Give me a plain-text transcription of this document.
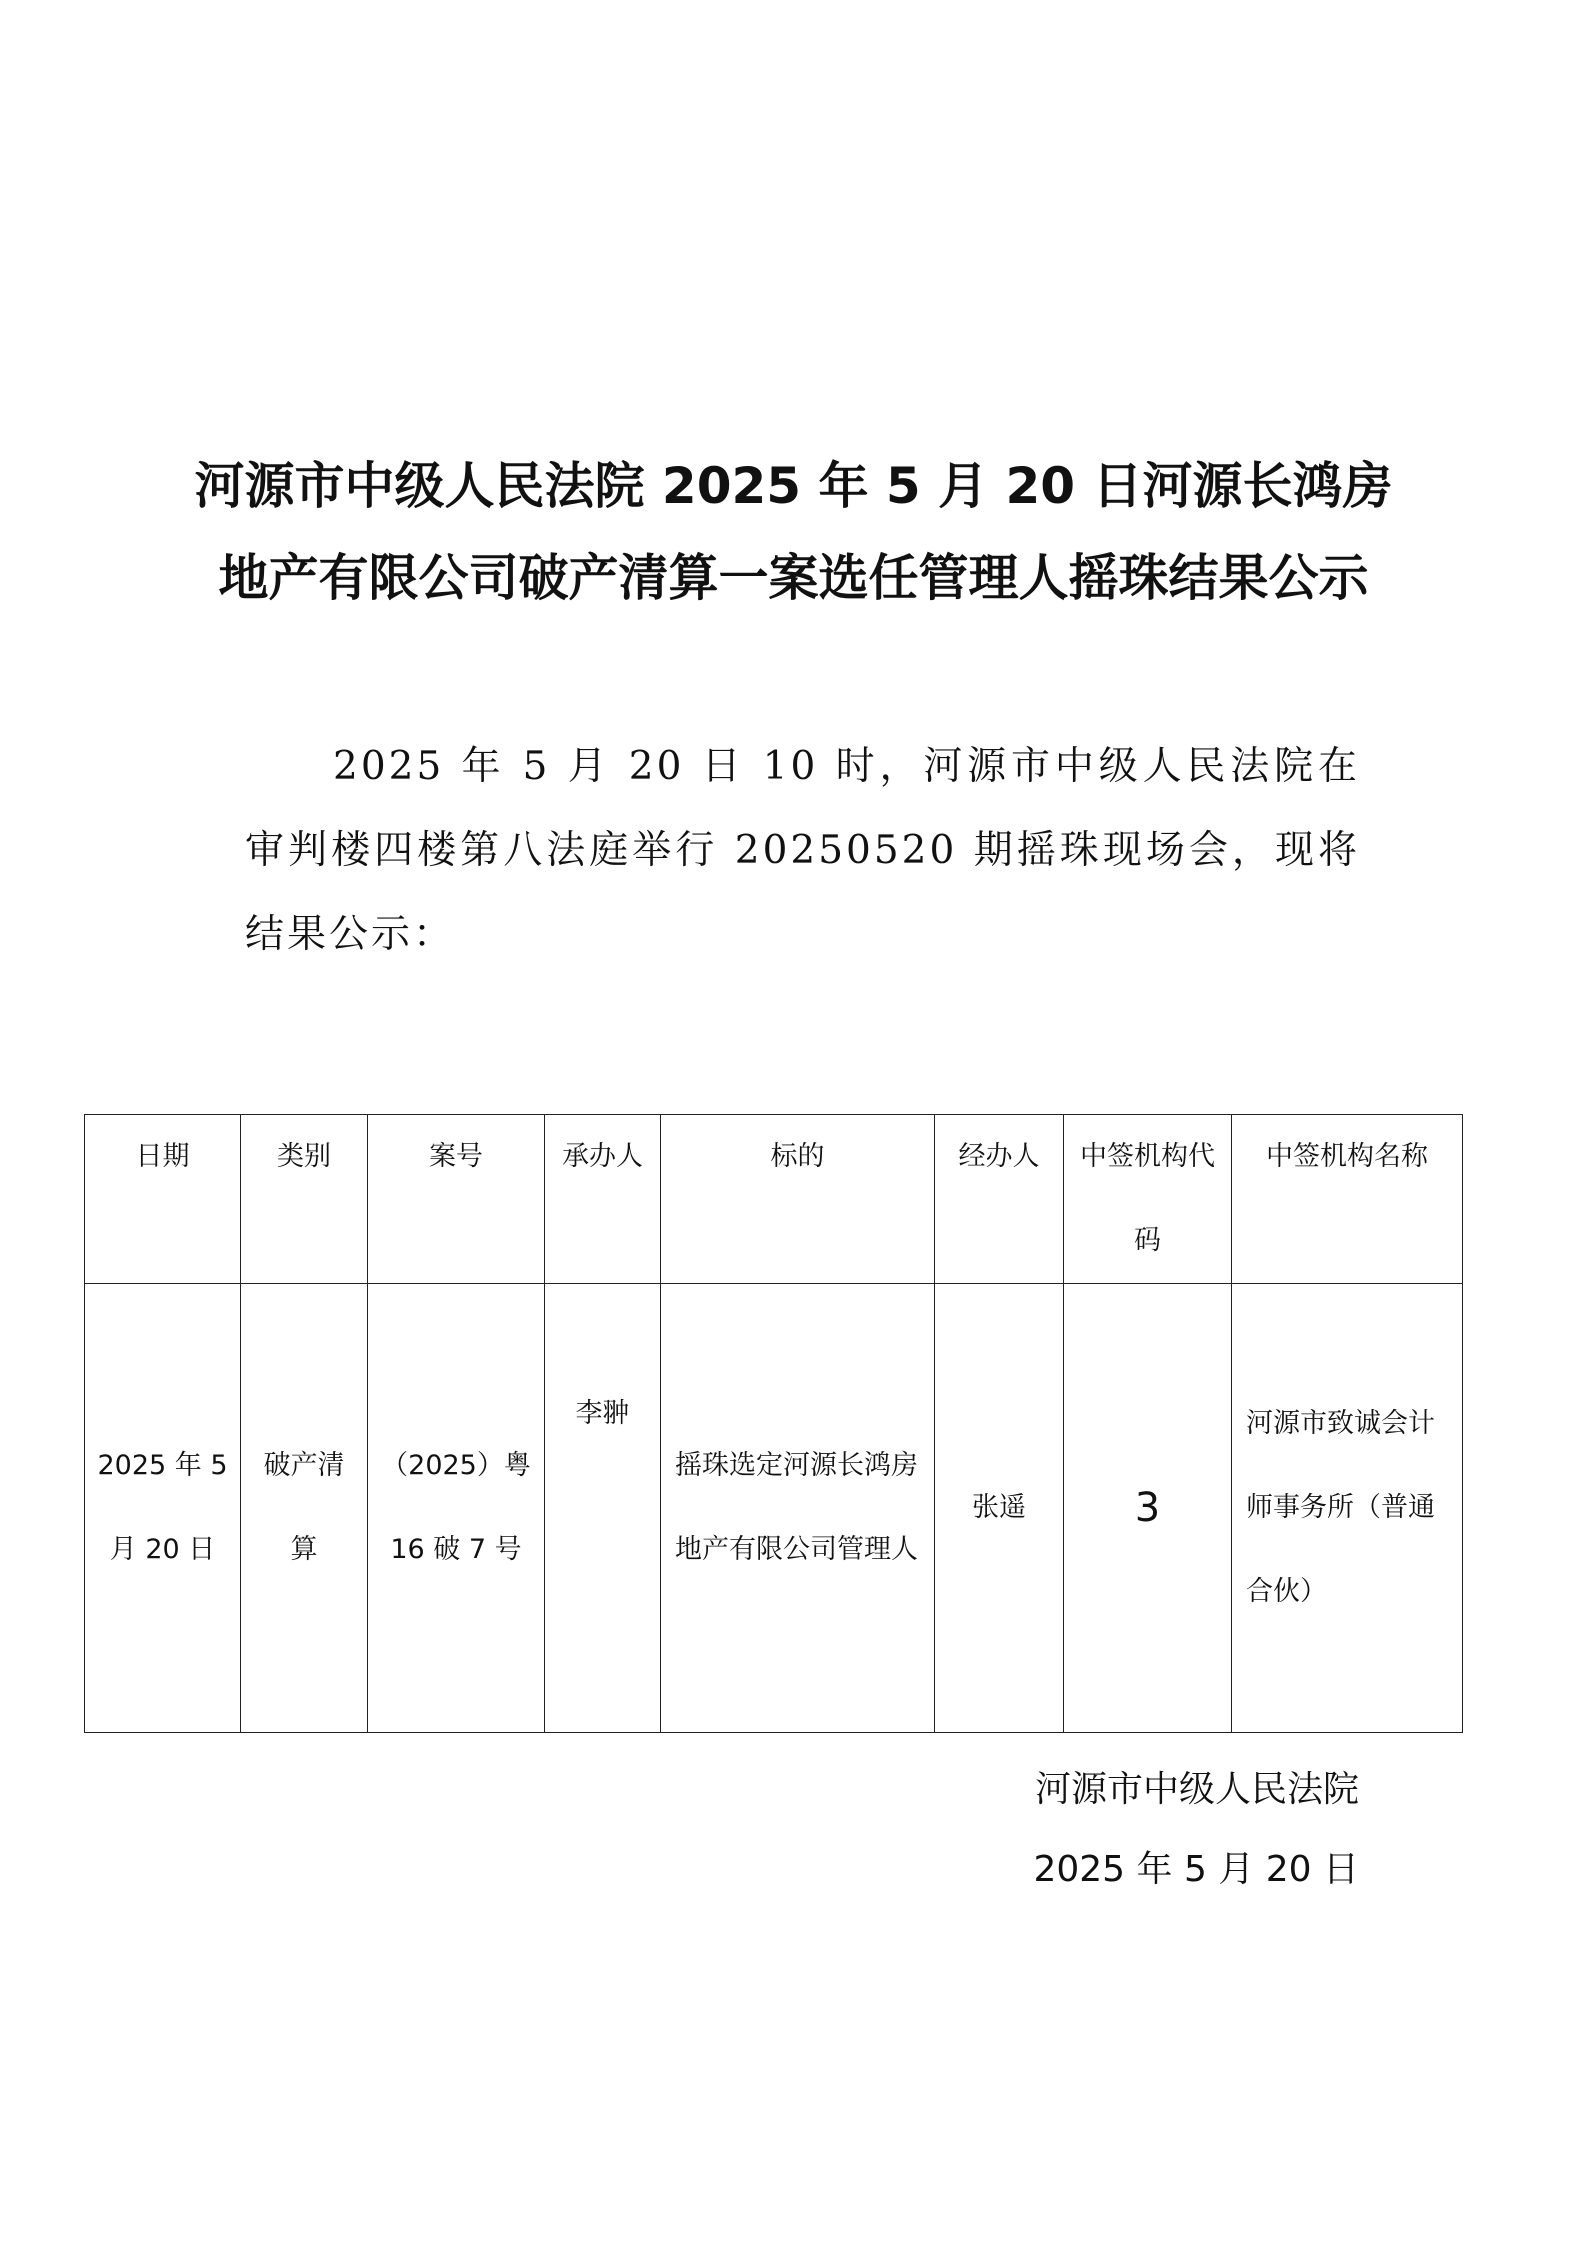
河源市中级人民法院 2025 年 5 月 20 日河源长鸿房
地产有限公司破产清算一案选任管理人摇珠结果公示

2025 年 5 月 20 日 10 时，河源市中级人民法院在审判楼四楼第八法庭举行 20250520 期摇珠现场会，现将结果公示：

日期	类别	案号	承办人	标的	经办人	中签机构代码	中签机构名称
2025 年 5 月 20 日	破产清算	（2025）粤 16 破 7 号	李翀	摇珠选定河源长鸿房地产有限公司管理人	张遥	3	河源市致诚会计师事务所（普通合伙）
河源市中级人民法院
2025 年 5 月 20 日
